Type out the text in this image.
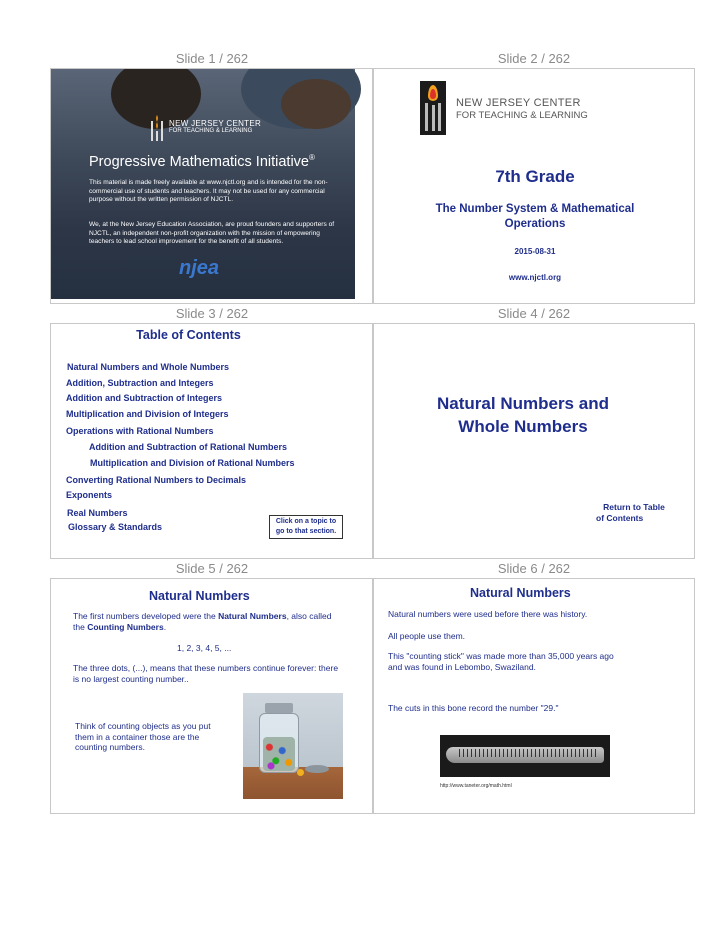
Slide 1 / 262	Slide 2 / 262
Slide 3 / 262	Slide 4 / 262
Slide 5 / 262	Slide 6 / 262
NEW JERSEY CENTER
FOR TEACHING & LEARNING
Progressive Mathematics Initiative®
This material is made freely available at www.njctl.org and is intended for the non-commercial use of students and teachers. It may not be used for any commercial purpose without the written permission of NJCTL.
We, at the New Jersey Education Association, are proud founders and supporters of NJCTL, an independent non-profit organization with the mission of empowering teachers to lead school improvement for the benefit of all students.
njea
NEW JERSEY CENTER
FOR TEACHING & LEARNING
7th Grade
The Number System & Mathematical
Operations
2015-08-31
www.njctl.org
Table of Contents
Natural Numbers and Whole Numbers
Addition, Subtraction and Integers
Addition and Subtraction of Integers
Multiplication and Division of Integers
Operations with Rational Numbers
Addition and Subtraction of Rational Numbers
Multiplication and Division of Rational Numbers
Converting Rational Numbers to Decimals
Exponents
Real Numbers
Glossary & Standards
Click on a topic to
go to that section.
Natural Numbers and
Whole Numbers
Return to Table
of Contents
Natural Numbers
The first numbers developed were the Natural Numbers, also called the Counting Numbers.
1, 2, 3, 4, 5, ...
The three dots, (...), means that these numbers continue forever: there is no largest counting number..
Think of counting objects as you put them in a container those are the counting numbers.
Natural Numbers
Natural numbers were used before there was history.
All people use them.
This "counting stick" was made more than 35,000 years ago and was found in Lebombo, Swaziland.
The cuts in this bone record the number "29."
http://www.taneter.org/math.html
